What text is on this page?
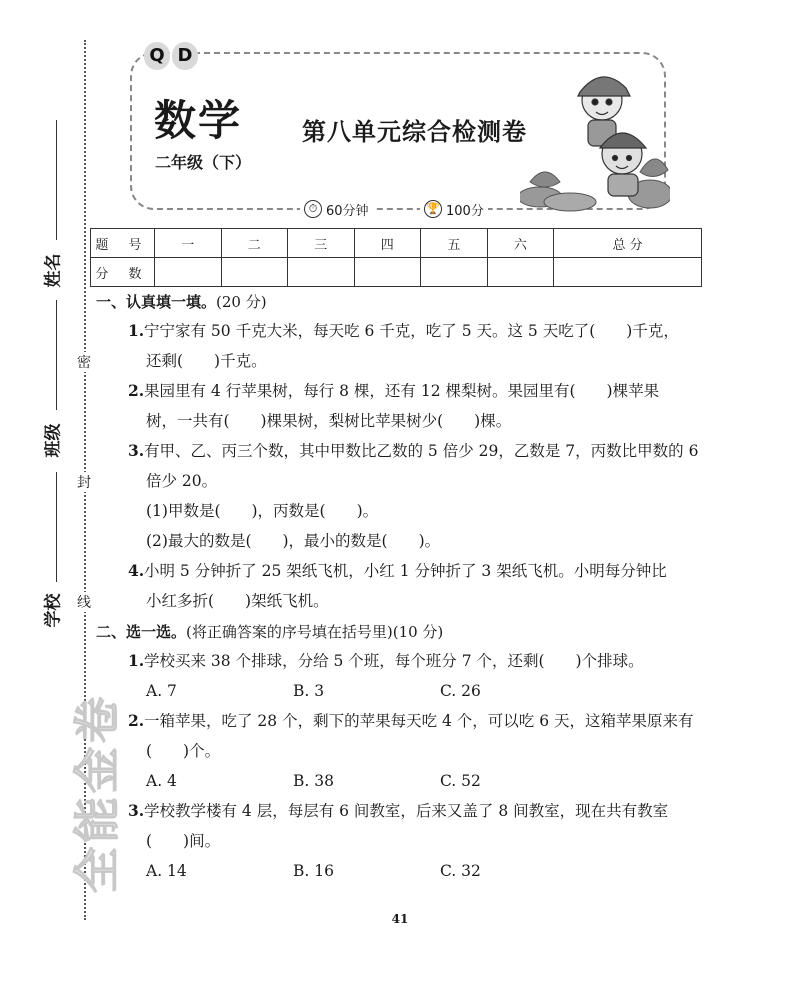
密
封
线
姓名
班级
学校
全能金卷
Q D
数学 第八单元综合检测卷
二年级（下）
⏱ 60分钟	🏆 100分
题 号	一	二	三	四	五	六	总 分
分 数							
一、认真填一填。(20 分)
1.宁宁家有 50 千克大米，每天吃 6 千克，吃了 5 天。这 5 天吃了(　　)千克，
还剩(　　)千克。
2.果园里有 4 行苹果树，每行 8 棵，还有 12 棵梨树。果园里有(　　)棵苹果
树，一共有(　　)棵果树，梨树比苹果树少(　　)棵。
3.有甲、乙、丙三个数，其中甲数比乙数的 5 倍少 29，乙数是 7，丙数比甲数的 6
倍少 20。
(1)甲数是(　　)，丙数是(　　)。
(2)最大的数是(　　)，最小的数是(　　)。
4.小明 5 分钟折了 25 架纸飞机，小红 1 分钟折了 3 架纸飞机。小明每分钟比
小红多折(　　)架纸飞机。
二、选一选。(将正确答案的序号填在括号里)(10 分)
1.学校买来 38 个排球，分给 5 个班，每个班分 7 个，还剩(　　)个排球。
A. 7	B. 3	C. 26
2.一箱苹果，吃了 28 个，剩下的苹果每天吃 4 个，可以吃 6 天，这箱苹果原来有
(　　)个。
A. 4	B. 38	C. 52
3.学校教学楼有 4 层，每层有 6 间教室，后来又盖了 8 间教室，现在共有教室
(　　)间。
A. 14	B. 16	C. 32
41
